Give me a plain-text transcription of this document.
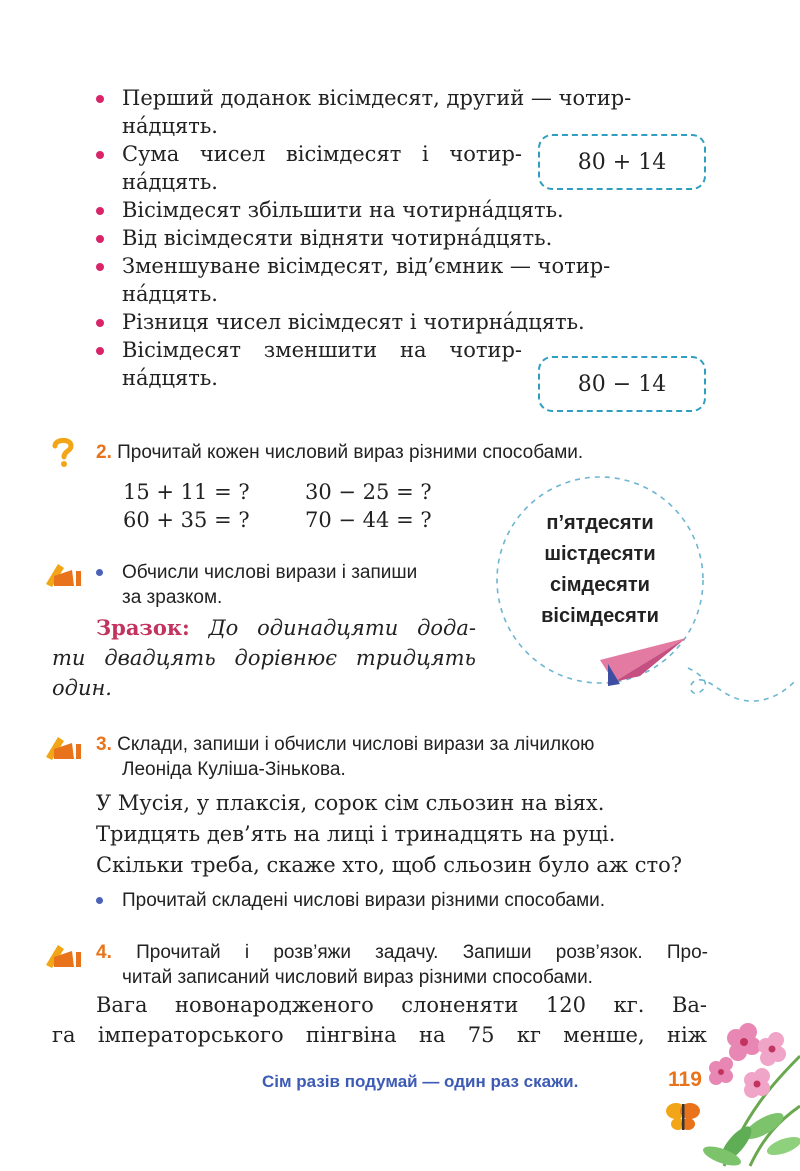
Перший доданок вісімдесят, другий — чотир-
на́дцять.
Сума чисел вісімдесят і чотир-
на́дцять.
Вісімдесят збільшити на чотирна́дцять.
Від вісімдесяти відняти чотирна́дцять.
Зменшуване вісімдесят, від’ємник — чотир-
на́дцять.
Різниця чисел вісімдесят і чотирна́дцять.
Вісімдесят зменшити на чотир-
на́дцять.
80 + 14
80 − 14
2. Прочитай кожен числовий вираз різними способами.
15 + 11 = ?	30 − 25 = ?
60 + 35 = ?	70 − 44 = ?
Обчисли числові вирази і запиши
за зразком.
Зразок: До одинадцяти дода-
ти двадцять дорівнює тридцять
один.
п’ятдесяти
шістдесяти
сімдесяти
вісімдесяти
3. Склади, запиши і обчисли числові вирази за лічилкою
Леоніда Куліша-Зінькова.
У Мусія, у плаксія, сорок сім сльозин на віях.
Тридцять дев’ять на лиці і тринадцять на руці.
Скільки треба, скаже хто, щоб сльозин було аж сто?
Прочитай складені числові вирази різними способами.
4. Прочитай і розв’яжи задачу. Запиши розв’язок. Про-
читай записаний числовий вираз різними способами.
Вага новонародженого слоненяти 120 кг. Ва-
га імператорського пінгвіна на 75 кг менше, ніж
Сім разів подумай — один раз скажи.	119
